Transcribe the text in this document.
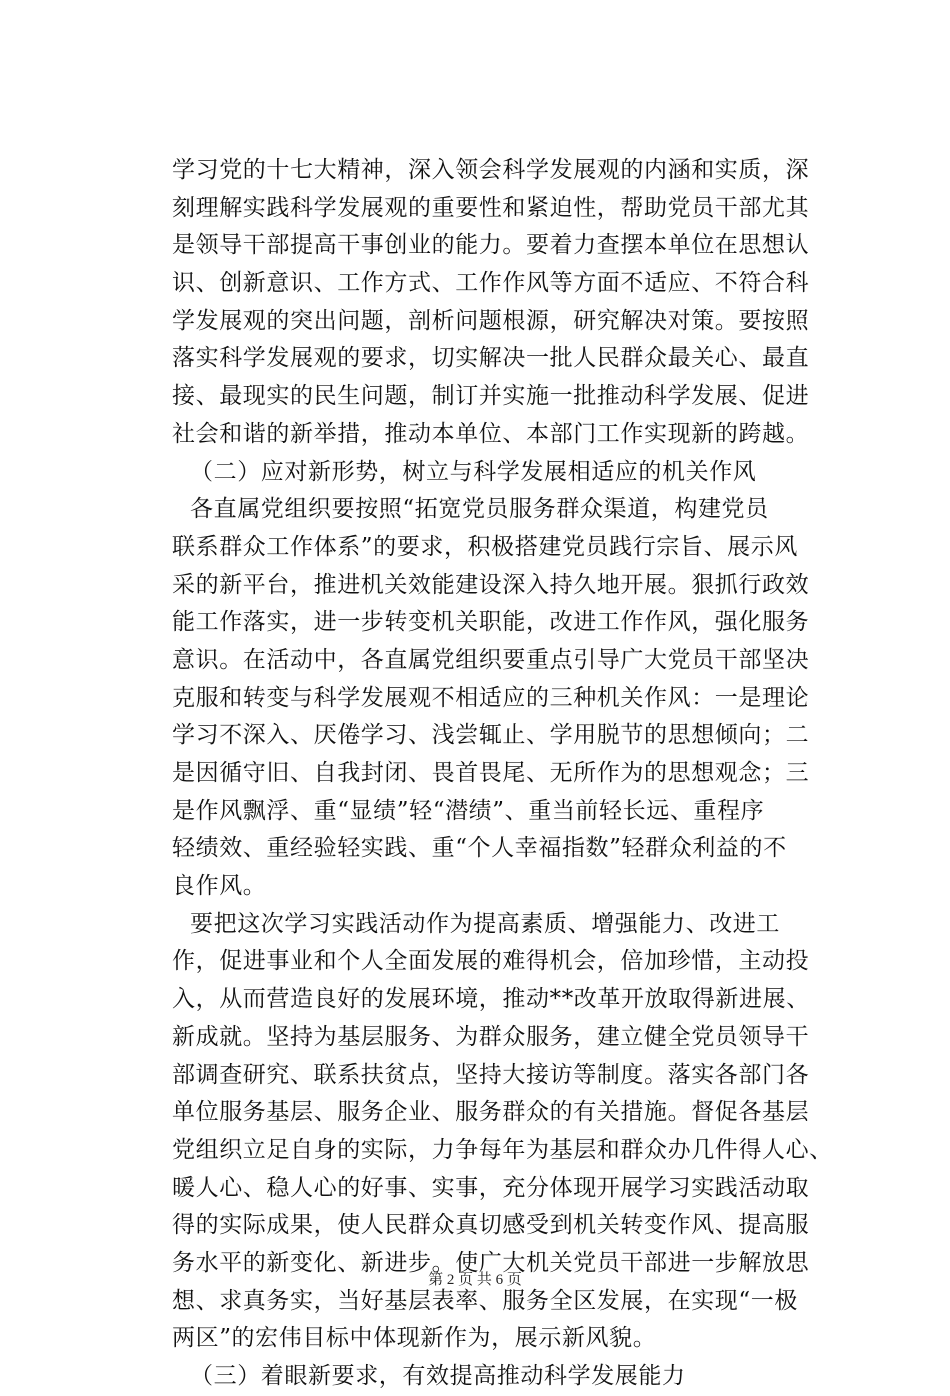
学习党的十七大精神，深入领会科学发展观的内涵和实质，深
刻理解实践科学发展观的重要性和紧迫性，帮助党员干部尤其
是领导干部提高干事创业的能力。要着力查摆本单位在思想认
识、创新意识、工作方式、工作作风等方面不适应、不符合科
学发展观的突出问题，剖析问题根源，研究解决对策。要按照
落实科学发展观的要求，切实解决一批人民群众最关心、最直
接、最现实的民生问题，制订并实施一批推动科学发展、促进
社会和谐的新举措，推动本单位、本部门工作实现新的跨越。
（二）应对新形势，树立与科学发展相适应的机关作风
各直属党组织要按照“拓宽党员服务群众渠道，构建党员
联系群众工作体系”的要求，积极搭建党员践行宗旨、展示风
采的新平台，推进机关效能建设深入持久地开展。狠抓行政效
能工作落实，进一步转变机关职能，改进工作作风，强化服务
意识。在活动中，各直属党组织要重点引导广大党员干部坚决
克服和转变与科学发展观不相适应的三种机关作风：一是理论
学习不深入、厌倦学习、浅尝辄止、学用脱节的思想倾向；二
是因循守旧、自我封闭、畏首畏尾、无所作为的思想观念；三
是作风飘浮、重“显绩”轻“潜绩”、重当前轻长远、重程序
轻绩效、重经验轻实践、重“个人幸福指数”轻群众利益的不
良作风。
要把这次学习实践活动作为提高素质、增强能力、改进工
作，促进事业和个人全面发展的难得机会，倍加珍惜，主动投
入，从而营造良好的发展环境，推动**改革开放取得新进展、
新成就。坚持为基层服务、为群众服务，建立健全党员领导干
部调查研究、联系扶贫点，坚持大接访等制度。落实各部门各
单位服务基层、服务企业、服务群众的有关措施。督促各基层
党组织立足自身的实际，力争每年为基层和群众办几件得人心、
暖人心、稳人心的好事、实事，充分体现开展学习实践活动取
得的实际成果，使人民群众真切感受到机关转变作风、提高服
务水平的新变化、新进步。使广大机关党员干部进一步解放思
想、求真务实，当好基层表率、服务全区发展，在实现“一极
两区”的宏伟目标中体现新作为，展示新风貌。
（三）着眼新要求，有效提高推动科学发展能力
第 2 页 共 6 页
